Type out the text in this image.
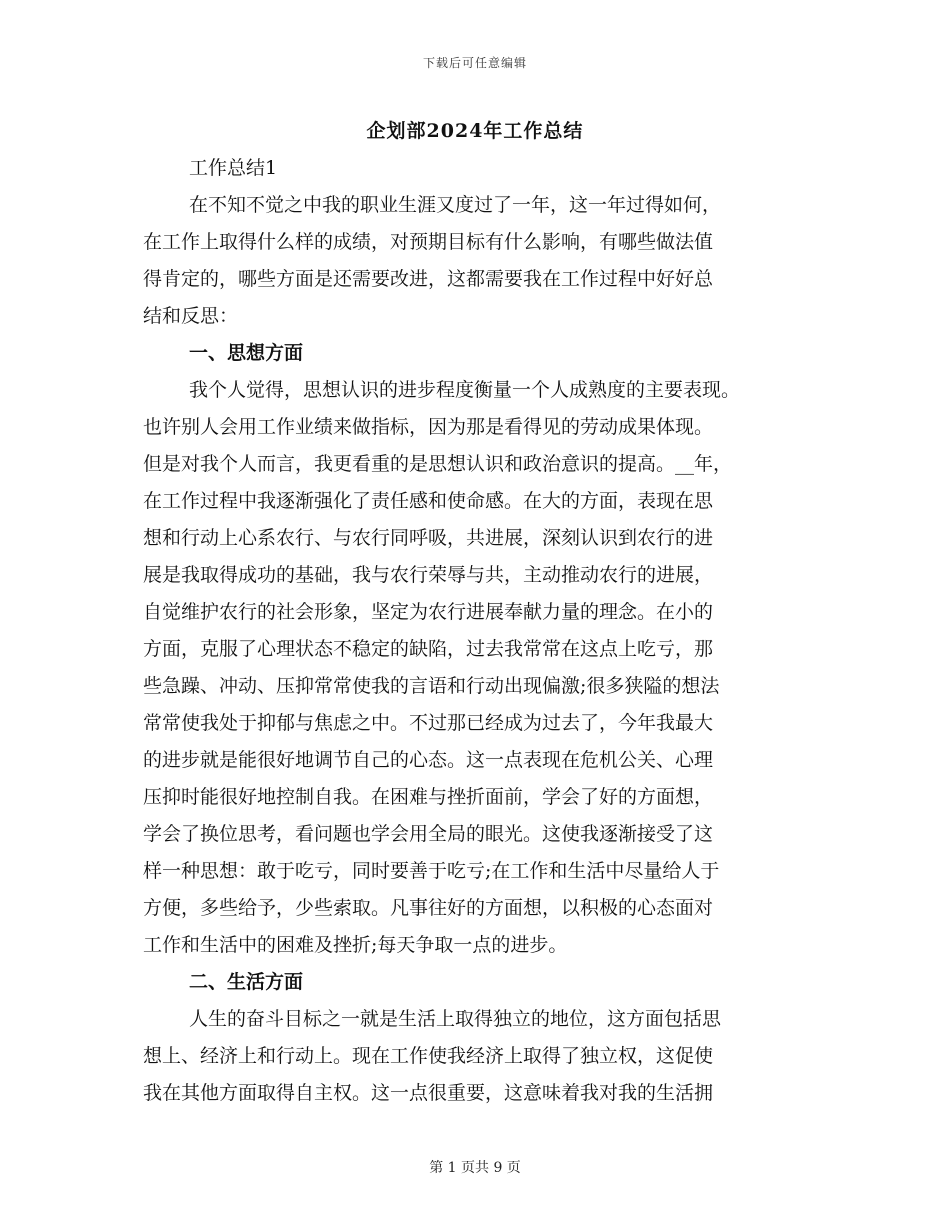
下载后可任意编辑
企划部2024年工作总结
工作总结1
在不知不觉之中我的职业生涯又度过了一年，这一年过得如何，
在工作上取得什么样的成绩，对预期目标有什么影响，有哪些做法值
得肯定的，哪些方面是还需要改进，这都需要我在工作过程中好好总
结和反思：
一、思想方面
我个人觉得，思想认识的进步程度衡量一个人成熟度的主要表现。
也许别人会用工作业绩来做指标，因为那是看得见的劳动成果体现。
但是对我个人而言，我更看重的是思想认识和政治意识的提高。__年，
在工作过程中我逐渐强化了责任感和使命感。在大的方面，表现在思
想和行动上心系农行、与农行同呼吸，共进展，深刻认识到农行的进
展是我取得成功的基础，我与农行荣辱与共，主动推动农行的进展，
自觉维护农行的社会形象，坚定为农行进展奉献力量的理念。在小的
方面，克服了心理状态不稳定的缺陷，过去我常常在这点上吃亏，那
些急躁、冲动、压抑常常使我的言语和行动出现偏激;很多狭隘的想法
常常使我处于抑郁与焦虑之中。不过那已经成为过去了，今年我最大
的进步就是能很好地调节自己的心态。这一点表现在危机公关、心理
压抑时能很好地控制自我。在困难与挫折面前，学会了好的方面想，
学会了换位思考，看问题也学会用全局的眼光。这使我逐渐接受了这
样一种思想：敢于吃亏，同时要善于吃亏;在工作和生活中尽量给人于
方便，多些给予，少些索取。凡事往好的方面想，以积极的心态面对
工作和生活中的困难及挫折;每天争取一点的进步。
二、生活方面
人生的奋斗目标之一就是生活上取得独立的地位，这方面包括思
想上、经济上和行动上。现在工作使我经济上取得了独立权，这促使
我在其他方面取得自主权。这一点很重要，这意味着我对我的生活拥
第 1 页共 9 页
